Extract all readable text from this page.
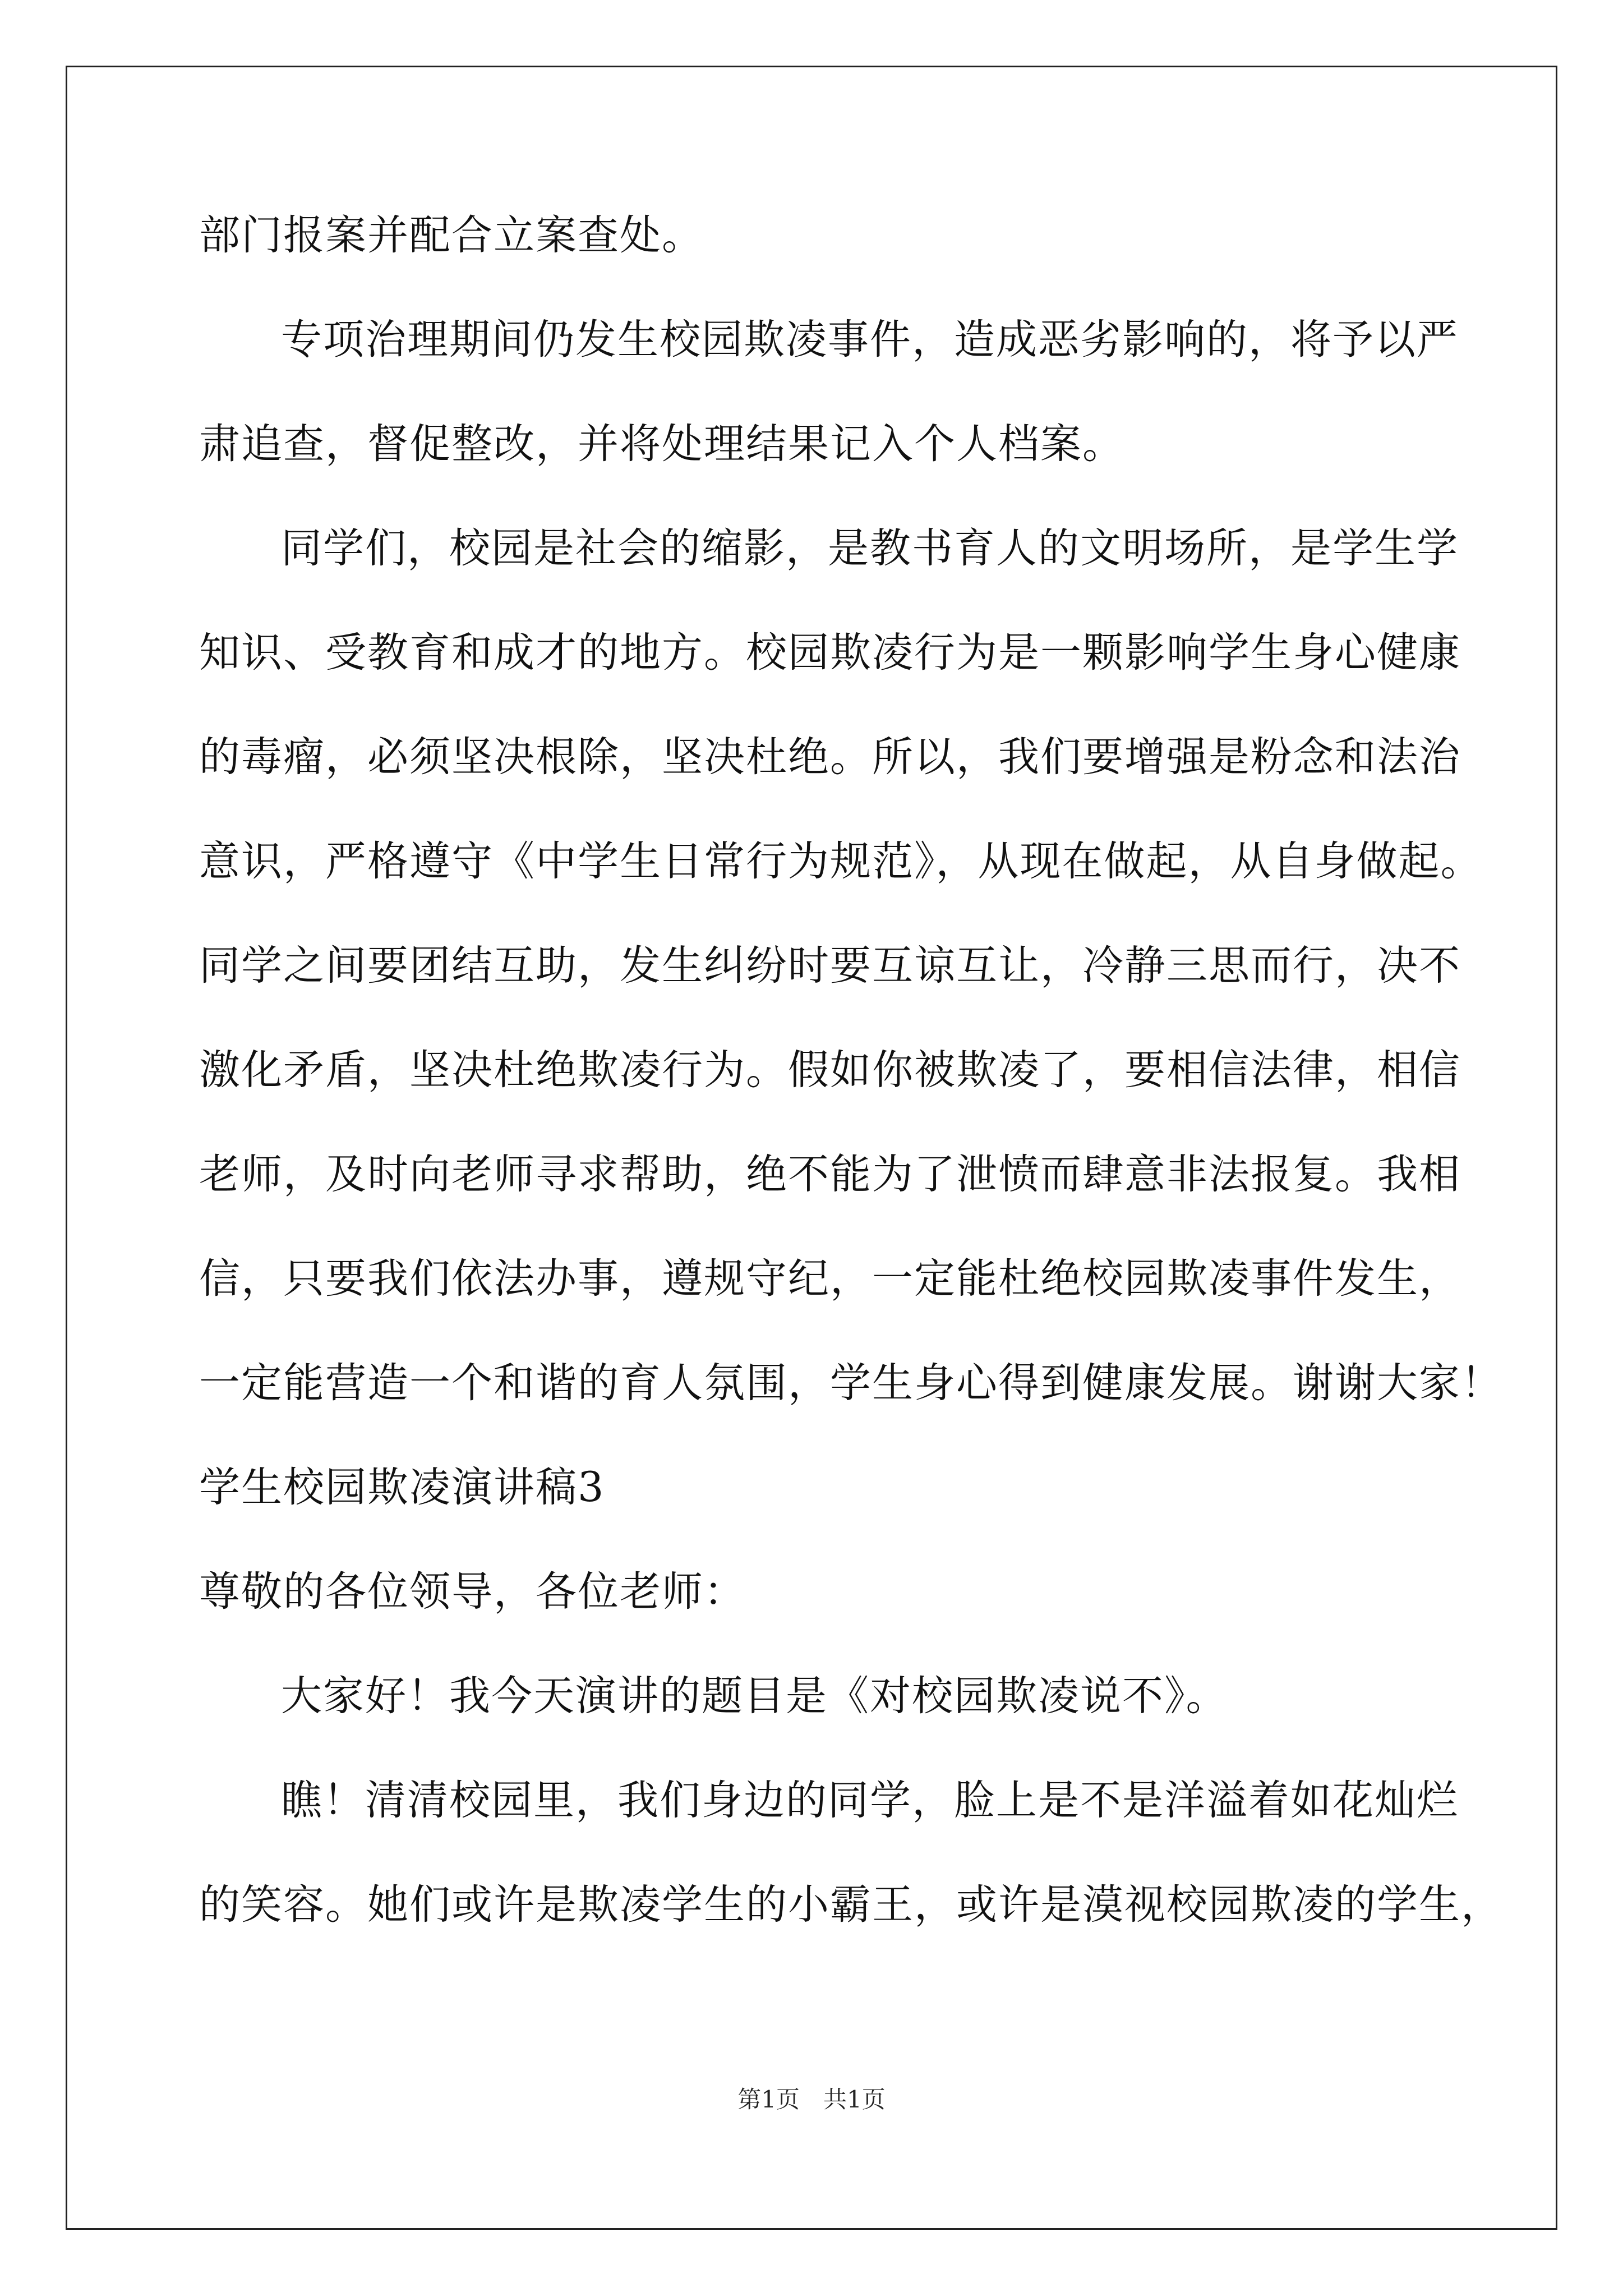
部门报案并配合立案查处。
专项治理期间仍发生校园欺凌事件，造成恶劣影响的，将予以严
肃追查，督促整改，并将处理结果记入个人档案。
同学们，校园是社会的缩影，是教书育人的文明场所，是学生学
知识、受教育和成才的地方。校园欺凌行为是一颗影响学生身心健康
的毒瘤，必须坚决根除，坚决杜绝。所以，我们要增强是粉念和法治
意识，严格遵守《中学生日常行为规范》，从现在做起，从自身做起。
同学之间要团结互助，发生纠纷时要互谅互让，冷静三思而行，决不
激化矛盾，坚决杜绝欺凌行为。假如你被欺凌了，要相信法律，相信
老师，及时向老师寻求帮助，绝不能为了泄愤而肆意非法报复。我相
信，只要我们依法办事，遵规守纪，一定能杜绝校园欺凌事件发生，
一定能营造一个和谐的育人氛围，学生身心得到健康发展。谢谢大家！
学生校园欺凌演讲稿3
尊敬的各位领导，各位老师：
大家好！我今天演讲的题目是《对校园欺凌说不》。
瞧！清清校园里，我们身边的同学，脸上是不是洋溢着如花灿烂
的笑容。她们或许是欺凌学生的小霸王，或许是漠视校园欺凌的学生，
第1页　共1页
